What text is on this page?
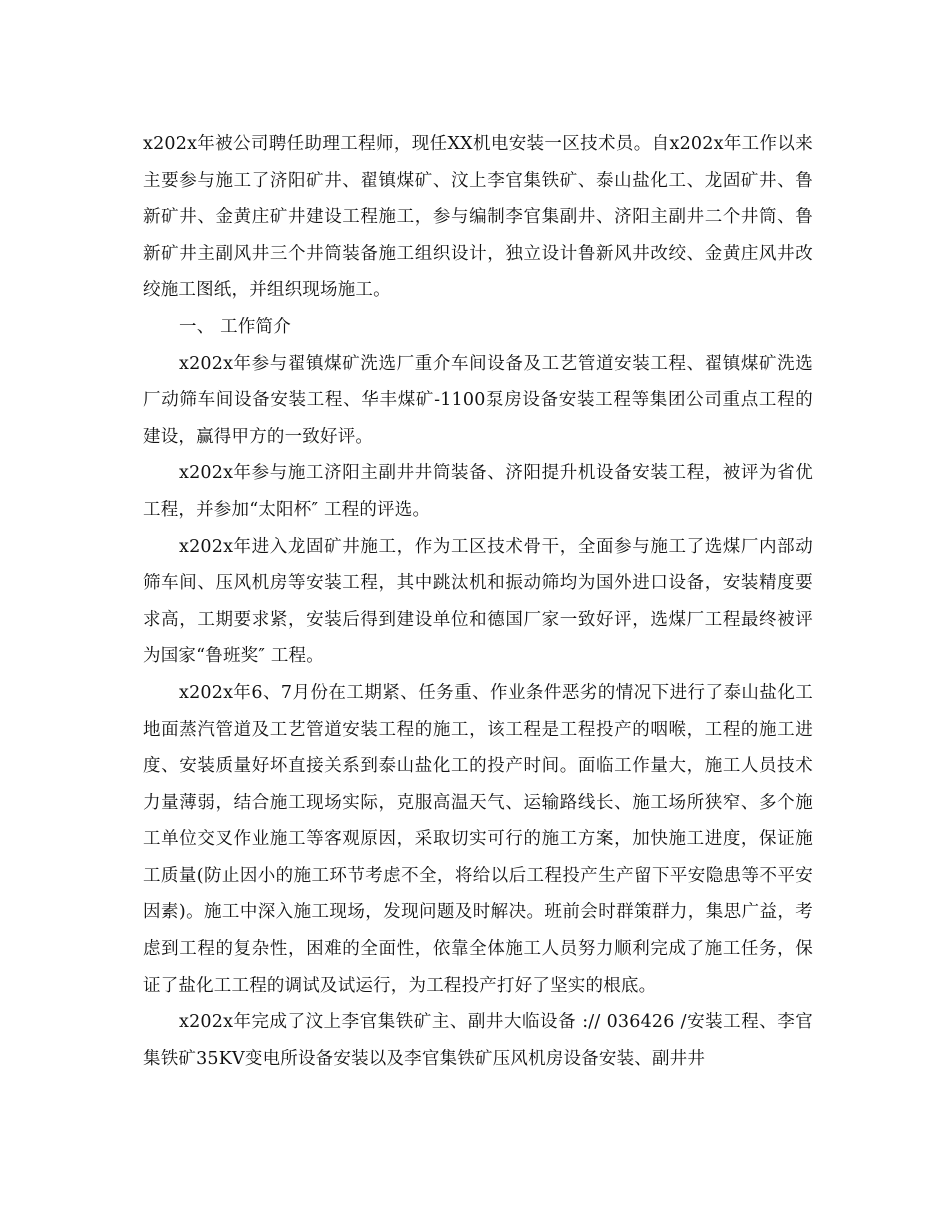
x202x年被公司聘任助理工程师，现任XX机电安装一区技术员。自x202x年工作以来主要参与施工了济阳矿井、翟镇煤矿、汶上李官集铁矿、泰山盐化工、龙固矿井、鲁新矿井、金黄庄矿井建设工程施工，参与编制李官集副井、济阳主副井二个井筒、鲁新矿井主副风井三个井筒装备施工组织设计，独立设计鲁新风井改绞、金黄庄风井改绞施工图纸，并组织现场施工。

一、 工作简介

x202x年参与翟镇煤矿洗选厂重介车间设备及工艺管道安装工程、翟镇煤矿洗选厂动筛车间设备安装工程、华丰煤矿-1100泵房设备安装工程等集团公司重点工程的建设，赢得甲方的一致好评。

x202x年参与施工济阳主副井井筒装备、济阳提升机设备安装工程，被评为省优工程，并参加“太阳杯″ 工程的评选。

x202x年进入龙固矿井施工，作为工区技术骨干，全面参与施工了选煤厂内部动筛车间、压风机房等安装工程，其中跳汰机和振动筛均为国外进口设备，安装精度要求高，工期要求紧，安装后得到建设单位和德国厂家一致好评，选煤厂工程最终被评为国家“鲁班奖″ 工程。

x202x年6、7月份在工期紧、任务重、作业条件恶劣的情况下进行了泰山盐化工地面蒸汽管道及工艺管道安装工程的施工，该工程是工程投产的咽喉，工程的施工进度、安装质量好坏直接关系到泰山盐化工的投产时间。面临工作量大，施工人员技术力量薄弱，结合施工现场实际，克服高温天气、运输路线长、施工场所狭窄、多个施工单位交叉作业施工等客观原因，采取切实可行的施工方案，加快施工进度，保证施工质量(防止因小的施工环节考虑不全，将给以后工程投产生产留下平安隐患等不平安因素)。施工中深入施工现场，发现问题及时解决。班前会时群策群力，集思广益，考虑到工程的复杂性，困难的全面性，依靠全体施工人员努力顺利完成了施工任务，保证了盐化工工程的调试及试运行，为工程投产打好了坚实的根底。

x202x年完成了汶上李官集铁矿主、副井大临设备 :// 036426 /安装工程、李官集铁矿35KV变电所设备安装以及李官集铁矿压风机房设备安装、副井井
